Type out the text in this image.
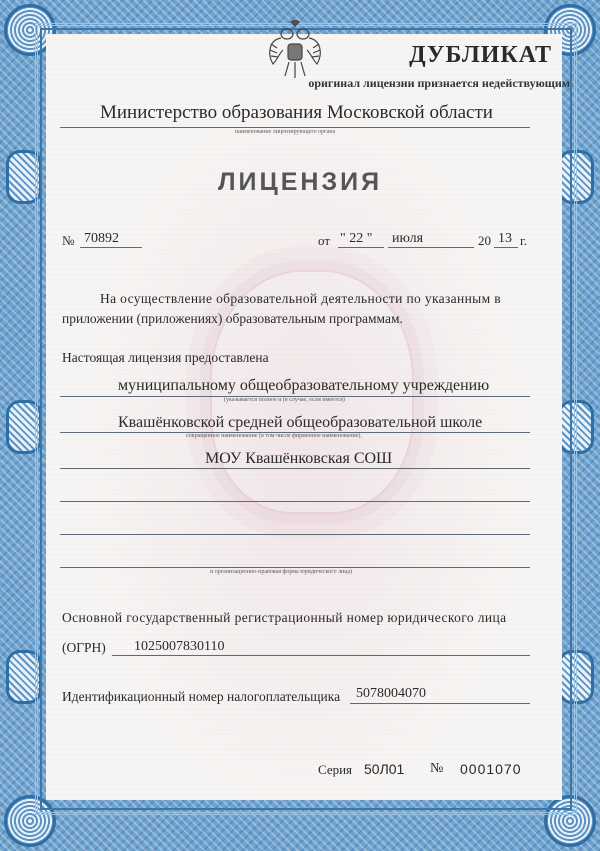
ДУБЛИКАТ
оригинал лицензии признается недействующим
Министерство образования Московской области
наименование лицензирующего органа
ЛИЦЕНЗИЯ
№ 70892	от " 22 " июля	20 13 г.
На осуществление образовательной деятельности по указанным в
приложении (приложениях) образовательным программам.
Настоящая лицензия предоставлена
муниципальному общеобразовательному учреждению
(указывается полное и (в случае, если имеется)
Квашёнковской средней общеобразовательной школе
сокращенное наименование (в том числе фирменное наименование),
МОУ Квашёнковская СОШ
и организационно-правовая форма юридического лица)
Основной государственный регистрационный номер юридического лица
(ОГРН) 1025007830110
Идентификационный номер налогоплательщика 5078004070
Серия 50Л01 № 0001070
